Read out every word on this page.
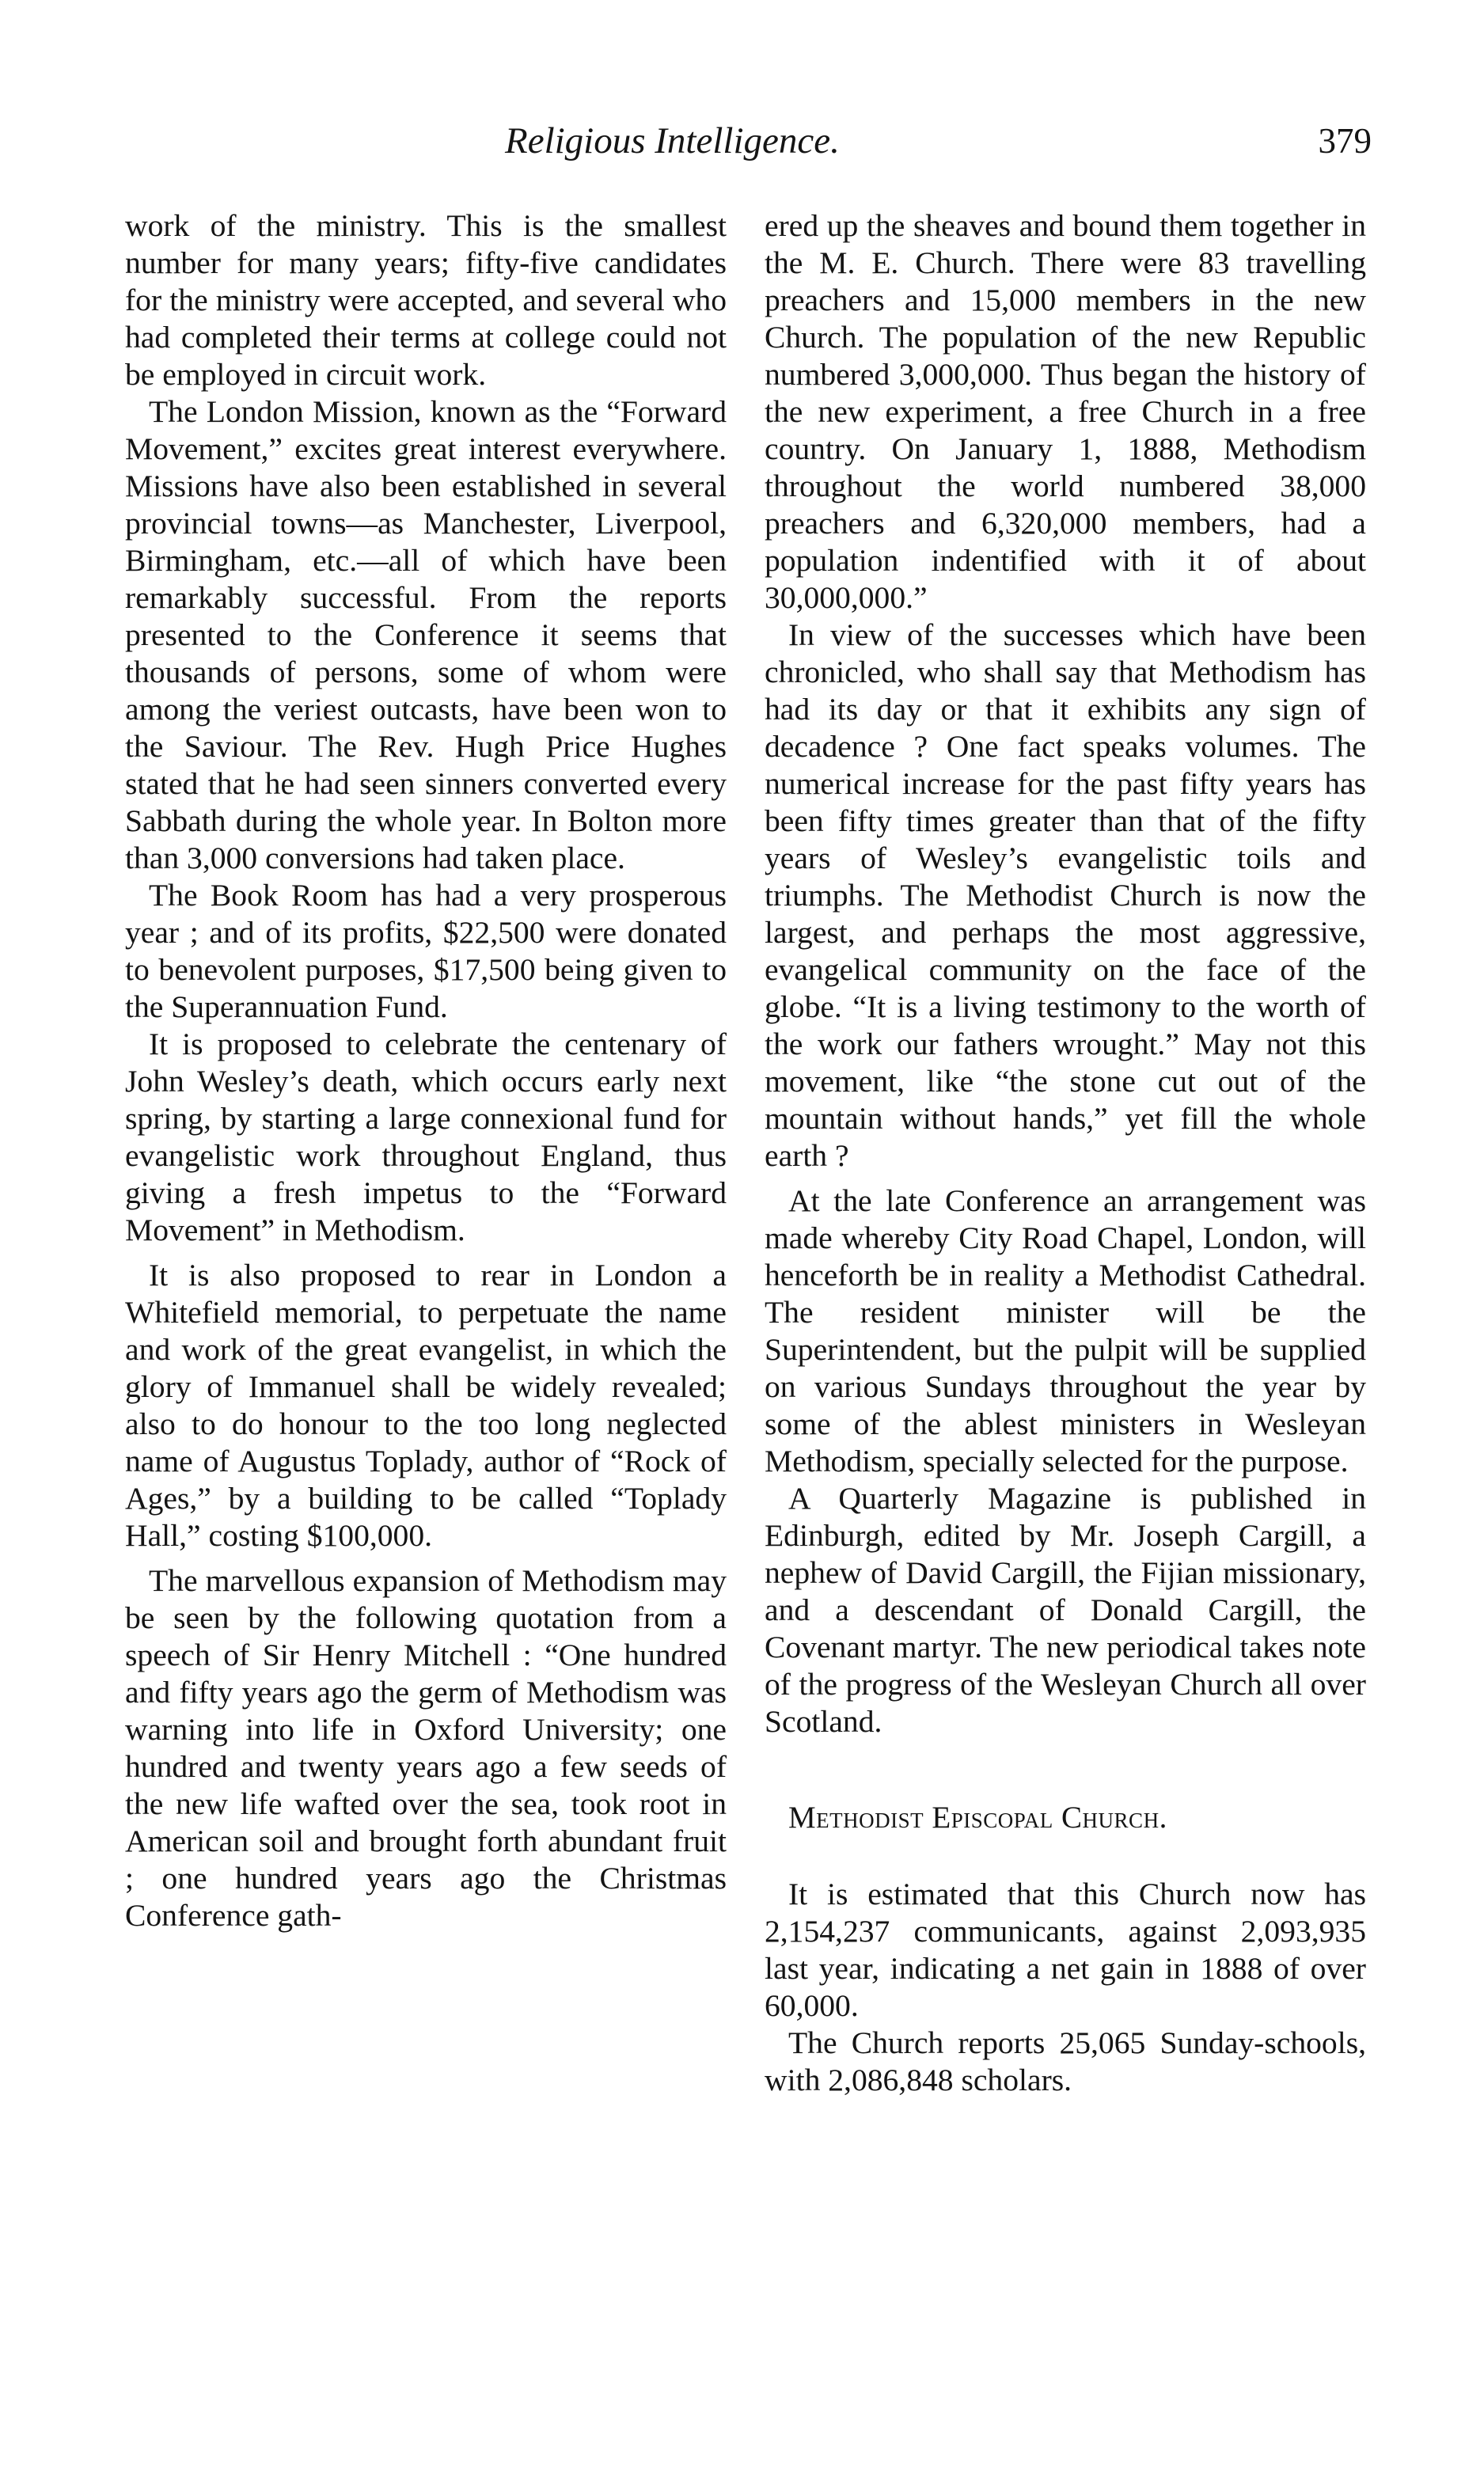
Religious Intelligence.	379

work of the ministry. This is the smallest number for many years; fifty-five candidates for the ministry were accepted, and several who had completed their terms at college could not be employed in circuit work.

The London Mission, known as the “Forward Movement,” excites great interest everywhere. Missions have also been established in several provincial towns—as Manchester, Liverpool, Birmingham, etc.—all of which have been remarkably successful. From the reports presented to the Conference it seems that thousands of persons, some of whom were among the veriest outcasts, have been won to the Saviour. The Rev. Hugh Price Hughes stated that he had seen sinners converted every Sabbath during the whole year. In Bolton more than 3,000 conversions had taken place.

The Book Room has had a very prosperous year ; and of its profits, $22,500 were donated to benevolent purposes, $17,500 being given to the Superannuation Fund.

It is proposed to celebrate the centenary of John Wesley’s death, which occurs early next spring, by starting a large connexional fund for evangelistic work throughout England, thus giving a fresh impetus to the “Forward Movement” in Methodism.

It is also proposed to rear in London a Whitefield memorial, to perpetuate the name and work of the great evangelist, in which the glory of Immanuel shall be widely revealed; also to do honour to the too long neglected name of Augustus Toplady, author of “Rock of Ages,” by a building to be called “Toplady Hall,” costing $100,000.

The marvellous expansion of Methodism may be seen by the following quotation from a speech of Sir Henry Mitchell : “One hundred and fifty years ago the germ of Methodism was warning into life in Oxford University; one hundred and twenty years ago a few seeds of the new life wafted over the sea, took root in American soil and brought forth abundant fruit ; one hundred years ago the Christmas Conference gath-

ered up the sheaves and bound them together in the M. E. Church. There were 83 travelling preachers and 15,000 members in the new Church. The population of the new Republic numbered 3,000,000. Thus began the history of the new experiment, a free Church in a free country. On January 1, 1888, Methodism throughout the world numbered 38,000 preachers and 6,320,000 members, had a population indentified with it of about 30,000,000.”

In view of the successes which have been chronicled, who shall say that Methodism has had its day or that it exhibits any sign of decadence ? One fact speaks volumes. The numerical increase for the past fifty years has been fifty times greater than that of the fifty years of Wesley’s evangelistic toils and triumphs. The Methodist Church is now the largest, and perhaps the most aggressive, evangelical community on the face of the globe. “It is a living testimony to the worth of the work our fathers wrought.” May not this movement, like “the stone cut out of the mountain without hands,” yet fill the whole earth ?

At the late Conference an arrangement was made whereby City Road Chapel, London, will henceforth be in reality a Methodist Cathedral. The resident minister will be the Superintendent, but the pulpit will be supplied on various Sundays throughout the year by some of the ablest ministers in Wesleyan Methodism, specially selected for the purpose.

A Quarterly Magazine is published in Edinburgh, edited by Mr. Joseph Cargill, a nephew of David Cargill, the Fijian missionary, and a descendant of Donald Cargill, the Covenant martyr. The new periodical takes note of the progress of the Wesleyan Church all over Scotland.

Methodist Episcopal Church.

It is estimated that this Church now has 2,154,237 communicants, against 2,093,935 last year, indicating a net gain in 1888 of over 60,000.

The Church reports 25,065 Sunday-schools, with 2,086,848 scholars.
